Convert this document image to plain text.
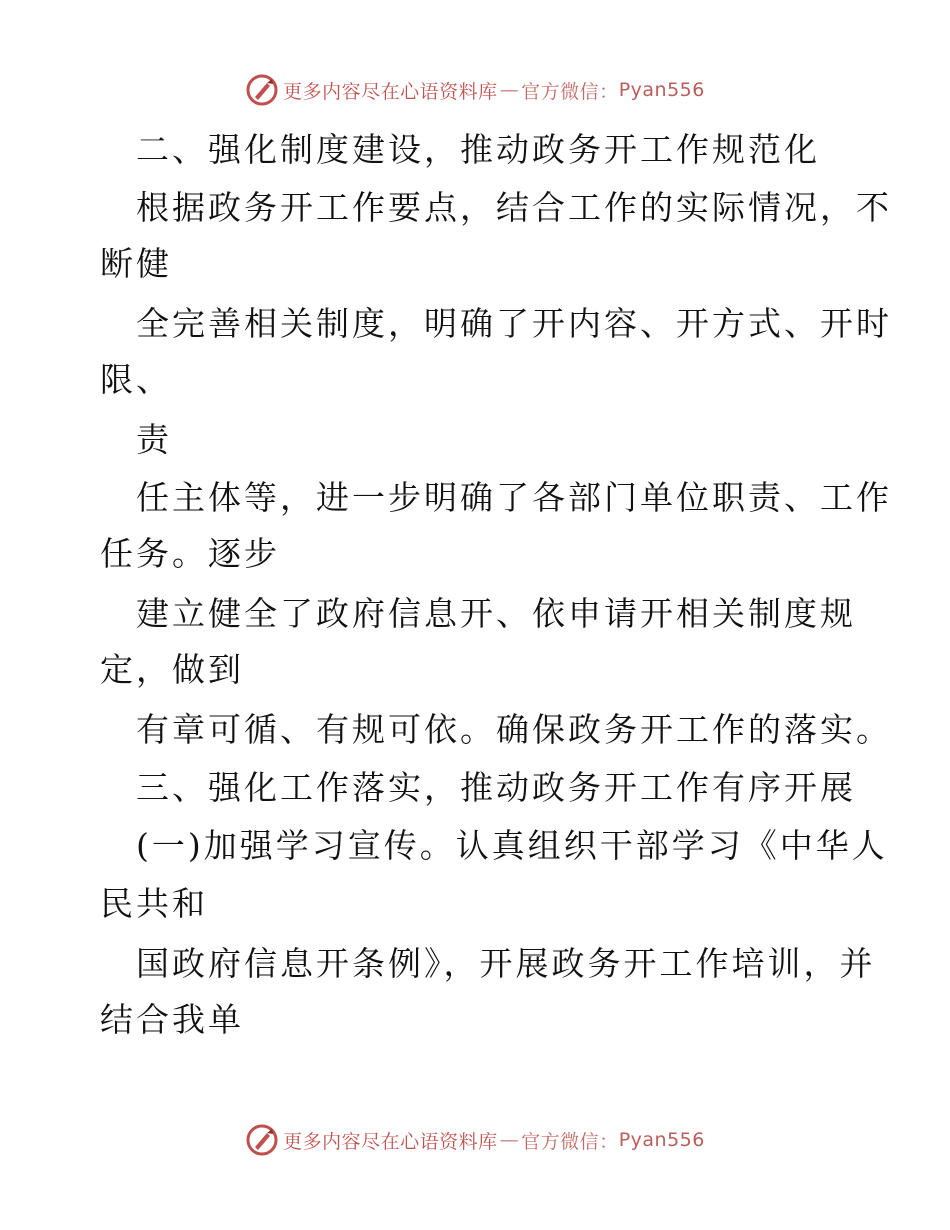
更多内容尽在心语资料库 — 官方微信： Pyan556
二、强化制度建设，推动政务开工作规范化
根据政务开工作要点，结合工作的实际情况，不
断健
全完善相关制度，明确了开内容、开方式、开时
限、
责
任主体等，进一步明确了各部门单位职责、工作
任务。逐步
建立健全了政府信息开、依申请开相关制度规
定，做到
有章可循、有规可依。确保政务开工作的落实。
三、强化工作落实，推动政务开工作有序开展
(一)加强学习宣传。认真组织干部学习《中华人
民共和
国政府信息开条例》，开展政务开工作培训，并
结合我单
更多内容尽在心语资料库 — 官方微信： Pyan556
